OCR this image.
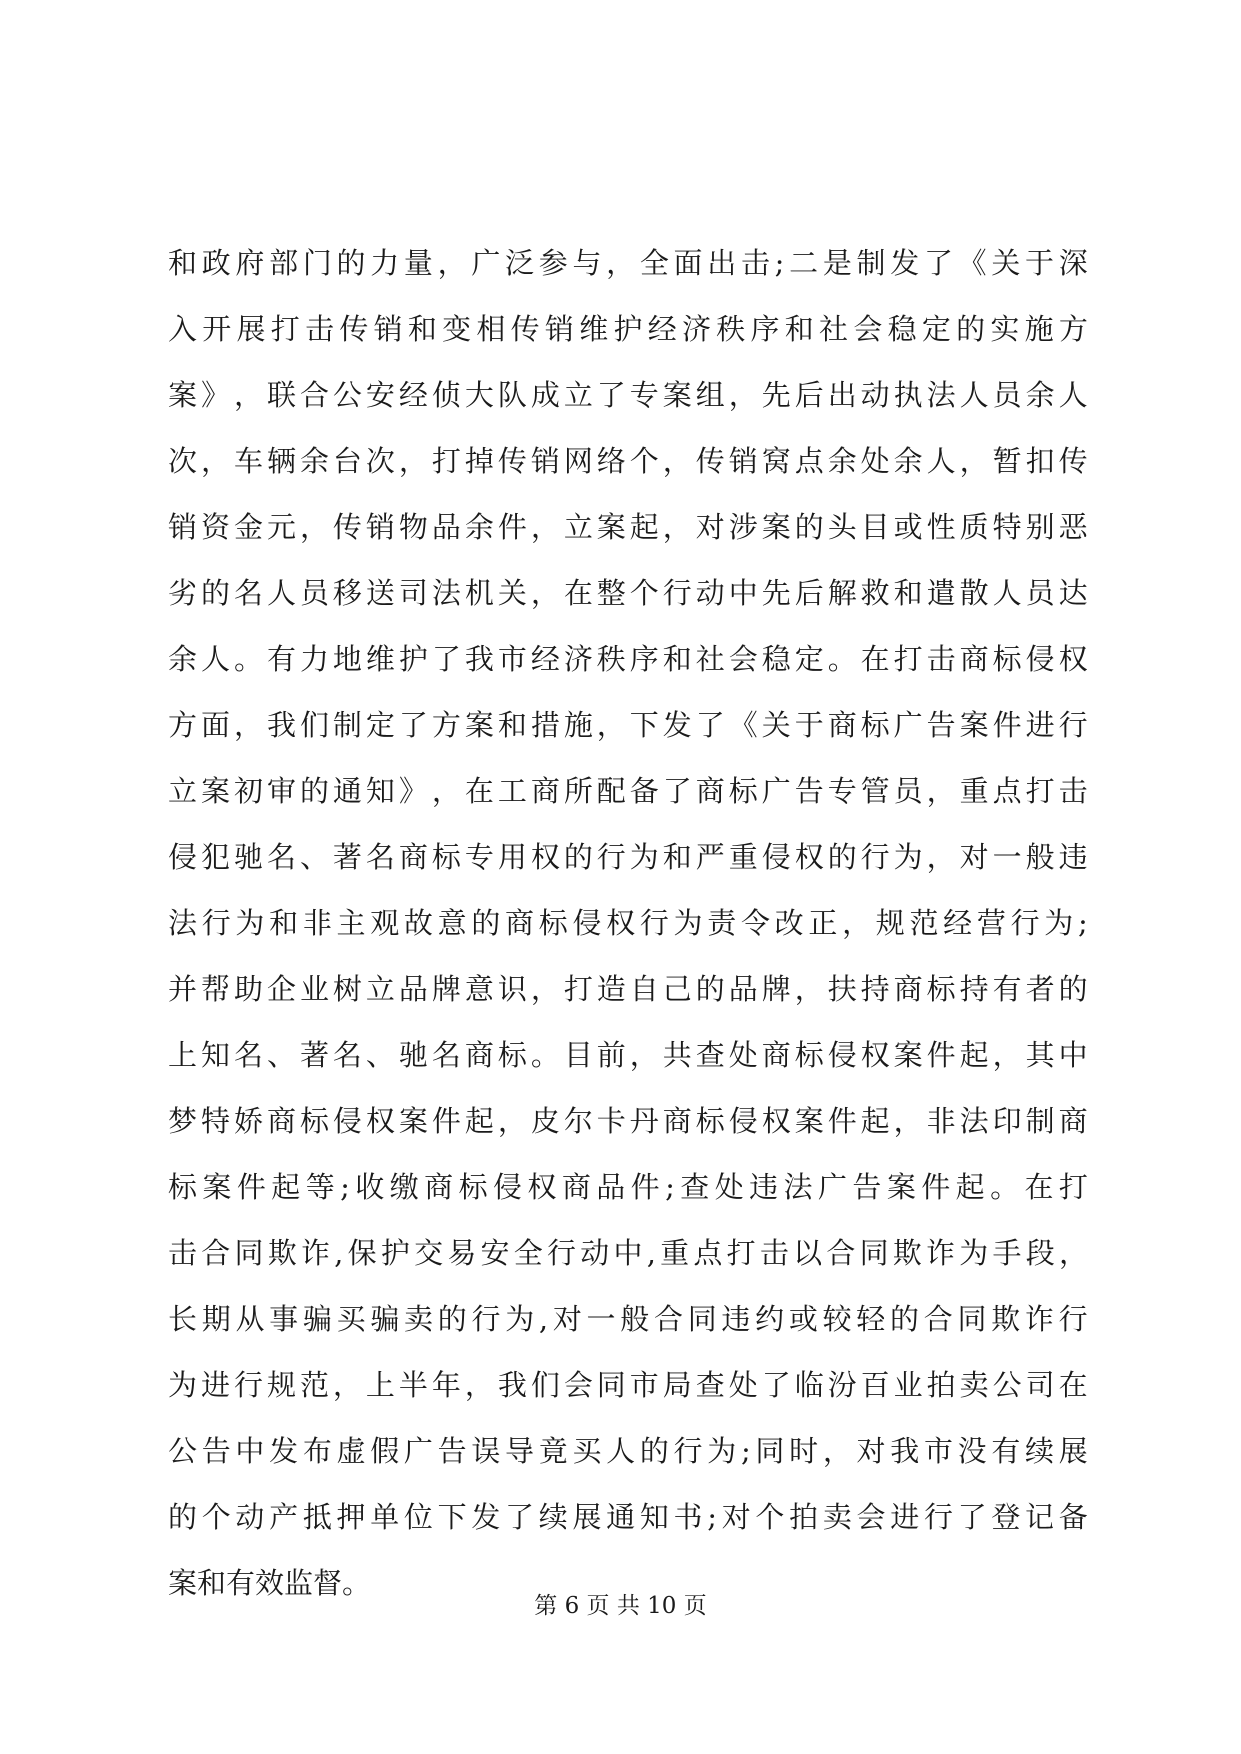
和 政 府 部 门 的 力 量 ， 广 泛 参 与 ， 全 面 出 击 ; 二 是 制 发 了 《 关 于 深
入 开 展 打 击 传 销 和 变 相 传 销 维 护 经 济 秩 序 和 社 会 稳 定 的 实 施 方
案 》 ， 联 合 公 安 经 侦 大 队 成 立 了 专 案 组 ， 先 后 出 动 执 法 人 员 余 人
次 ， 车 辆 余 台 次 ， 打 掉 传 销 网 络 个 ， 传 销 窝 点 余 处 余 人 ， 暂 扣 传
销 资 金 元 ， 传 销 物 品 余 件 ， 立 案 起 ， 对 涉 案 的 头 目 或 性 质 特 别 恶
劣 的 名 人 员 移 送 司 法 机 关 ， 在 整 个 行 动 中 先 后 解 救 和 遣 散 人 员 达
余 人 。 有 力 地 维 护 了 我 市 经 济 秩 序 和 社 会 稳 定 。 在 打 击 商 标 侵 权
方 面 ， 我 们 制 定 了 方 案 和 措 施 ， 下 发 了 《 关 于 商 标 广 告 案 件 进 行
立 案 初 审 的 通 知 》 ， 在 工 商 所 配 备 了 商 标 广 告 专 管 员 ， 重 点 打 击
侵 犯 驰 名 、 著 名 商 标 专 用 权 的 行 为 和 严 重 侵 权 的 行 为 ， 对 一 般 违
法 行 为 和 非 主 观 故 意 的 商 标 侵 权 行 为 责 令 改 正 ， 规 范 经 营 行 为 ;
并 帮 助 企 业 树 立 品 牌 意 识 ， 打 造 自 己 的 品 牌 ， 扶 持 商 标 持 有 者 的
上 知 名 、 著 名 、 驰 名 商 标 。 目 前 ， 共 查 处 商 标 侵 权 案 件 起 ， 其 中
梦 特 娇 商 标 侵 权 案 件 起 ， 皮 尔 卡 丹 商 标 侵 权 案 件 起 ， 非 法 印 制 商
标 案 件 起 等 ; 收 缴 商 标 侵 权 商 品 件 ; 查 处 违 法 广 告 案 件 起 。 在 打
击 合 同 欺 诈 , 保 护 交 易 安 全 行 动 中 , 重 点 打 击 以 合 同 欺 诈 为 手 段 ，
长 期 从 事 骗 买 骗 卖 的 行 为 , 对 一 般 合 同 违 约 或 较 轻 的 合 同 欺 诈 行
为 进 行 规 范 ， 上 半 年 ， 我 们 会 同 市 局 查 处 了 临 汾 百 业 拍 卖 公 司 在
公 告 中 发 布 虚 假 广 告 误 导 竟 买 人 的 行 为 ; 同 时 ， 对 我 市 没 有 续 展
的 个 动 产 抵 押 单 位 下 发 了 续 展 通 知 书 ; 对 个 拍 卖 会 进 行 了 登 记 备
案和有效监督。
第 6 页 共 10 页
